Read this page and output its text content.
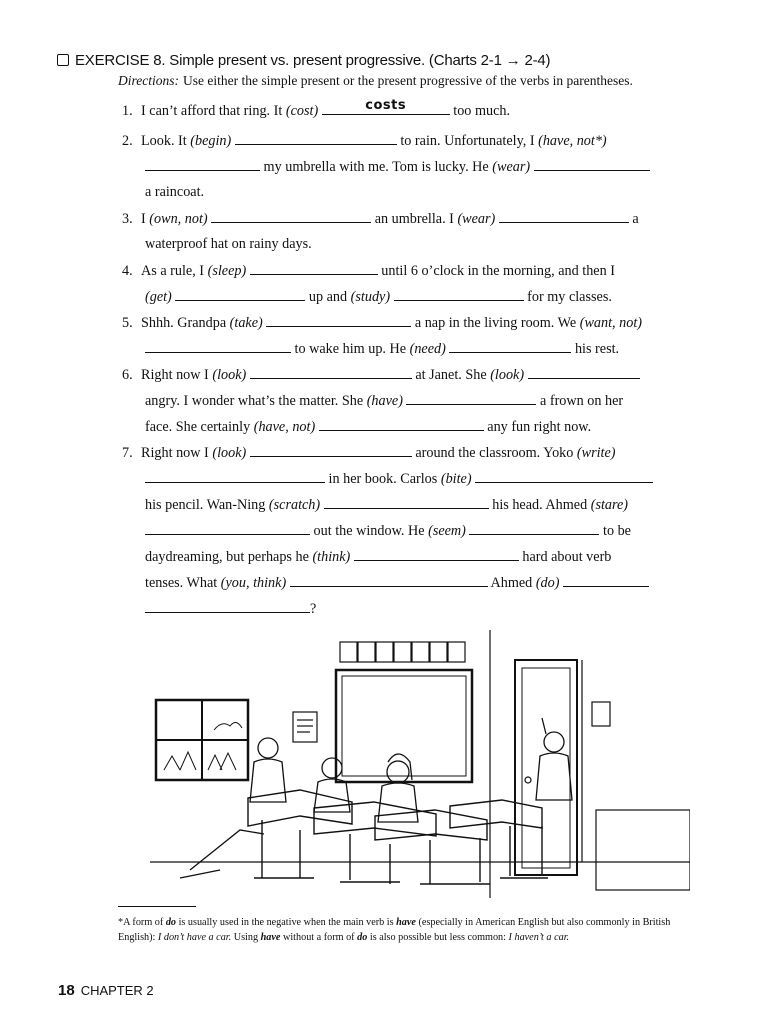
EXERCISE 8. Simple present vs. present progressive. (Charts 2-1 → 2-4)
Directions: Use either the simple present or the present progressive of the verbs in parentheses.
1. I can’t afford that ring. It (cost)	costs	too much.
2. Look. It (begin)	to rain. Unfortunately, I (have, not*)
my umbrella with me. Tom is lucky. He (wear)
a raincoat.
3. I (own, not)	an umbrella. I (wear)	a
waterproof hat on rainy days.
4. As a rule, I (sleep)	until 6 o’clock in the morning, and then I
(get)	up and (study)	for my classes.
5. Shhh. Grandpa (take)	a nap in the living room. We (want, not)
to wake him up. He (need)	his rest.
6. Right now I (look)	at Janet. She (look)
angry. I wonder what’s the matter. She (have)	a frown on her
face. She certainly (have, not)	any fun right now.
7. Right now I (look)	around the classroom. Yoko (write)
in her book. Carlos (bite)
his pencil. Wan-Ning (scratch)	his head. Ahmed (stare)
out the window. He (seem)	to be
daydreaming, but perhaps he (think)	hard about verb
tenses. What (you, think)	Ahmed (do)
?
*A form of do is usually used in the negative when the main verb is have (especially in American English but also commonly in British English): I don’t have a car. Using have without a form of do is also possible but less common: I haven’t a car.
18 CHAPTER 2
